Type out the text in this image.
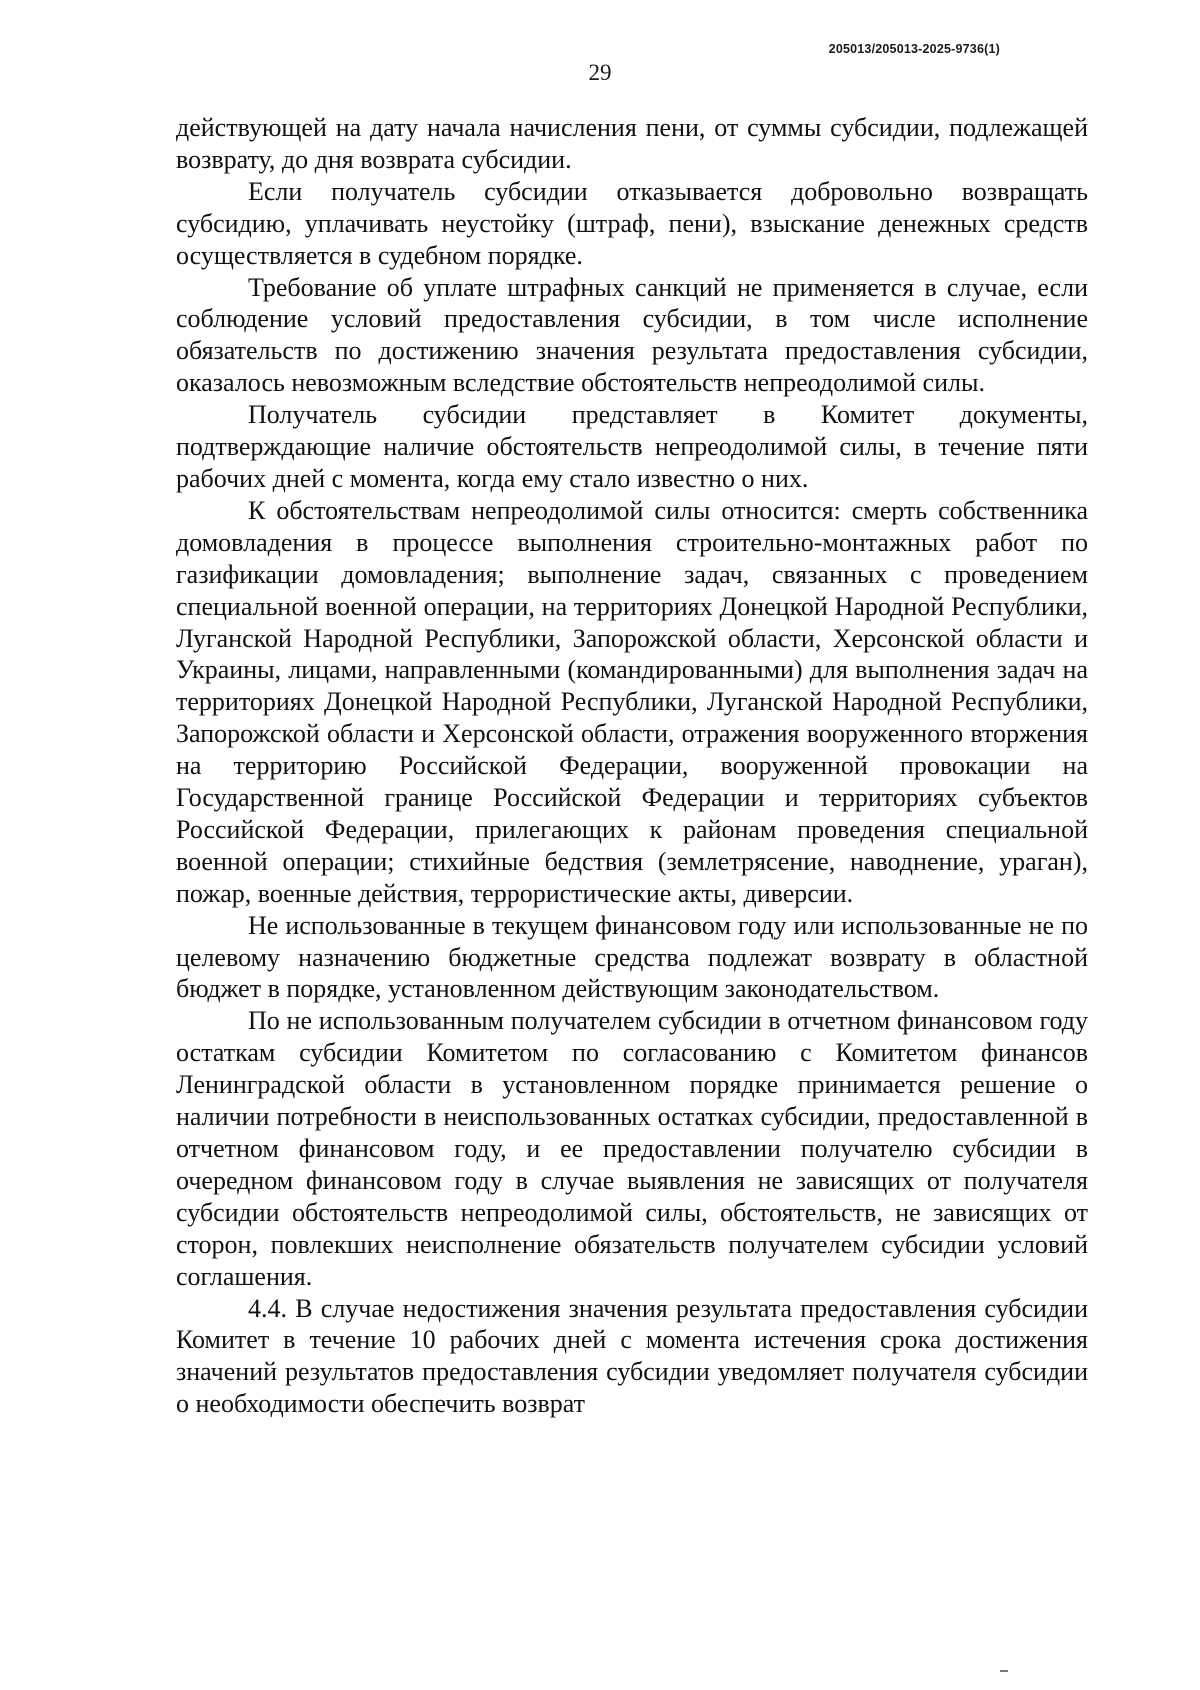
205013/205013-2025-9736(1)
29

действующей на дату начала начисления пени, от суммы субсидии, подлежащей возврату, до дня возврата субсидии.

Если получатель субсидии отказывается добровольно возвращать субсидию, уплачивать неустойку (штраф, пени), взыскание денежных средств осуществляется в судебном порядке.

Требование об уплате штрафных санкций не применяется в случае, если соблюдение условий предоставления субсидии, в том числе исполнение обязательств по достижению значения результата предоставления субсидии, оказалось невозможным вследствие обстоятельств непреодолимой силы.

Получатель субсидии представляет в Комитет документы, подтверждающие наличие обстоятельств непреодолимой силы, в течение пяти рабочих дней с момента, когда ему стало известно о них.

К обстоятельствам непреодолимой силы относится: смерть собственника домовладения в процессе выполнения строительно-монтажных работ по газификации домовладения; выполнение задач, связанных с проведением специальной военной операции, на территориях Донецкой Народной Республики, Луганской Народной Республики, Запорожской области, Херсонской области и Украины, лицами, направленными (командированными) для выполнения задач на территориях Донецкой Народной Республики, Луганской Народной Республики, Запорожской области и Херсонской области, отражения вооруженного вторжения на территорию Российской Федерации, вооруженной провокации на Государственной границе Российской Федерации и территориях субъектов Российской Федерации, прилегающих к районам проведения специальной военной операции; стихийные бедствия (землетрясение, наводнение, ураган), пожар, военные действия, террористические акты, диверсии.

Не использованные в текущем финансовом году или использованные не по целевому назначению бюджетные средства подлежат возврату в областной бюджет в порядке, установленном действующим законодательством.

По не использованным получателем субсидии в отчетном финансовом году остаткам субсидии Комитетом по согласованию с Комитетом финансов Ленинградской области в установленном порядке принимается решение о наличии потребности в неиспользованных остатках субсидии, предоставленной в отчетном финансовом году, и ее предоставлении получателю субсидии в очередном финансовом году в случае выявления не зависящих от получателя субсидии обстоятельств непреодолимой силы, обстоятельств, не зависящих от сторон, повлекших неисполнение обязательств получателем субсидии условий соглашения.

4.4. В случае недостижения значения результата предоставления субсидии Комитет в течение 10 рабочих дней с момента истечения срока достижения значений результатов предоставления субсидии уведомляет получателя субсидии о необходимости обеспечить возврат
